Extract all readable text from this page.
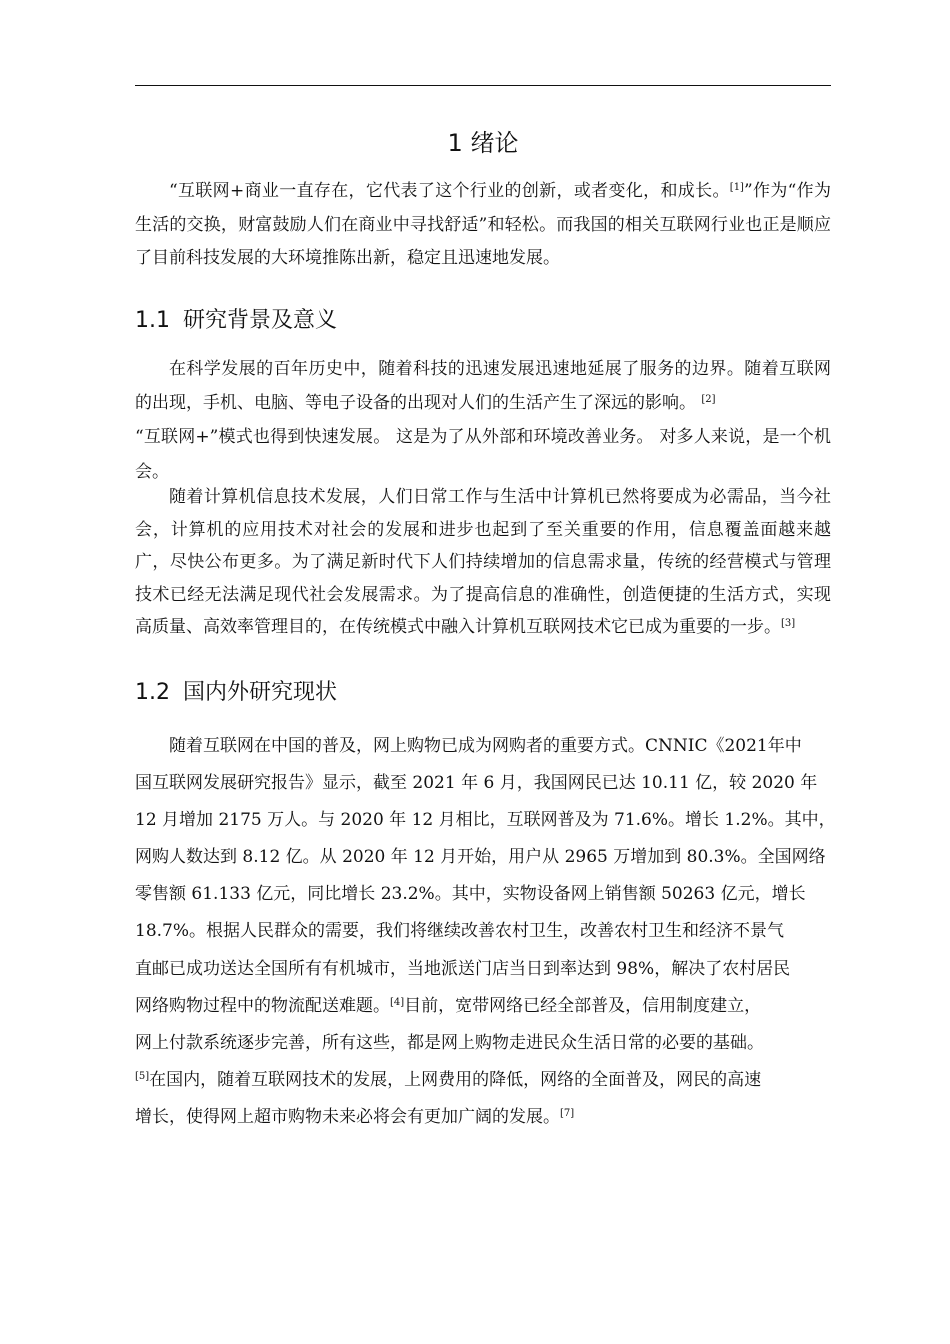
1 绪论

“互联网+商业一直存在，它代表了这个行业的创新，或者变化，和成长。[1]”作为“作为生活的交换，财富鼓励人们在商业中寻找舒适”和轻松。而我国的相关互联网行业也正是顺应了目前科技发展的大环境推陈出新，稳定且迅速地发展。

1.1 研究背景及意义

在科学发展的百年历史中，随着科技的迅速发展迅速地延展了服务的边界。随着互联网的出现，手机、电脑、等电子设备的出现对人们的生活产生了深远的影响。 [2]
“互联网+”模式也得到快速发展。 这是为了从外部和环境改善业务。 对多人来说，是一个机会。

随着计算机信息技术发展，人们日常工作与生活中计算机已然将要成为必需品，当今社会，计算机的应用技术对社会的发展和进步也起到了至关重要的作用，信息覆盖面越来越广，尽快公布更多。为了满足新时代下人们持续增加的信息需求量，传统的经营模式与管理技术已经无法满足现代社会发展需求。为了提高信息的准确性，创造便捷的生活方式，实现高质量、高效率管理目的，在传统模式中融入计算机互联网技术它已成为重要的一步。[3]

1.2 国内外研究现状
随着互联网在中国的普及，网上购物已成为网购者的重要方式。CNNIC《2021年中
国互联网发展研究报告》显示，截至 2021 年 6 月，我国网民已达 10.11 亿，较 2020 年
12 月增加 2175 万人。与 2020 年 12 月相比，互联网普及为 71.6%。增长 1.2%。其中，
网购人数达到 8.12 亿。从 2020 年 12 月开始，用户从 2965 万增加到 80.3%。全国网络
零售额 61.133 亿元，同比增长 23.2%。其中，实物设备网上销售额 50263 亿元，增长
18.7%。根据人民群众的需要，我们将继续改善农村卫生，改善农村卫生和经济不景气
直邮已成功送达全国所有有机城市，当地派送门店当日到率达到 98%，解决了农村居民
网络购物过程中的物流配送难题。[4]目前，宽带网络已经全部普及，信用制度建立，
网上付款系统逐步完善，所有这些，都是网上购物走进民众生活日常的必要的基础。
[5]在国内，随着互联网技术的发展，上网费用的降低，网络的全面普及，网民的高速
增长，使得网上超市购物未来必将会有更加广阔的发展。[7]
